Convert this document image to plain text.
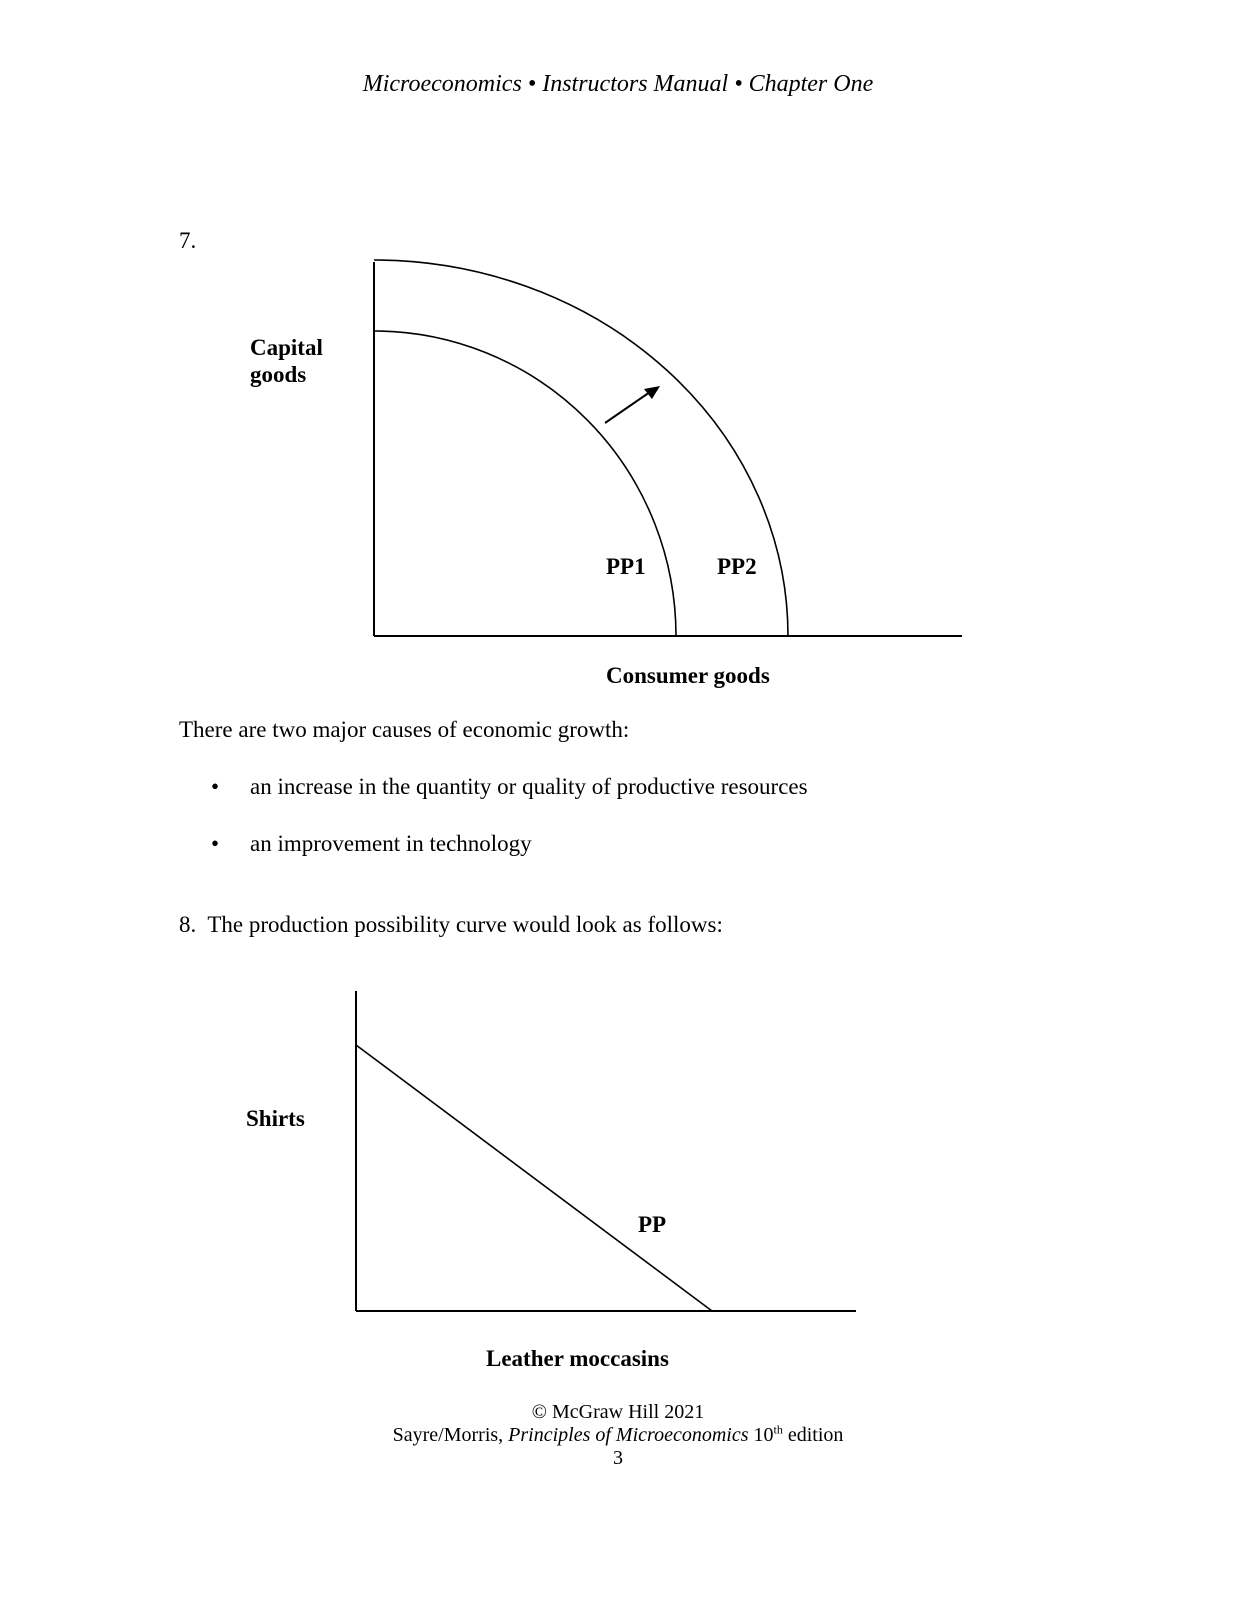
Microeconomics • Instructors Manual • Chapter One
7.
Capital
goods
PP1	PP2
Consumer goods
There are two major causes of economic growth:
• an increase in the quantity or quality of productive resources
• an improvement in technology
8.  The production possibility curve would look as follows:
Shirts
PP
Leather moccasins
© McGraw Hill 2021
Sayre/Morris, Principles of Microeconomics 10th edition
3
